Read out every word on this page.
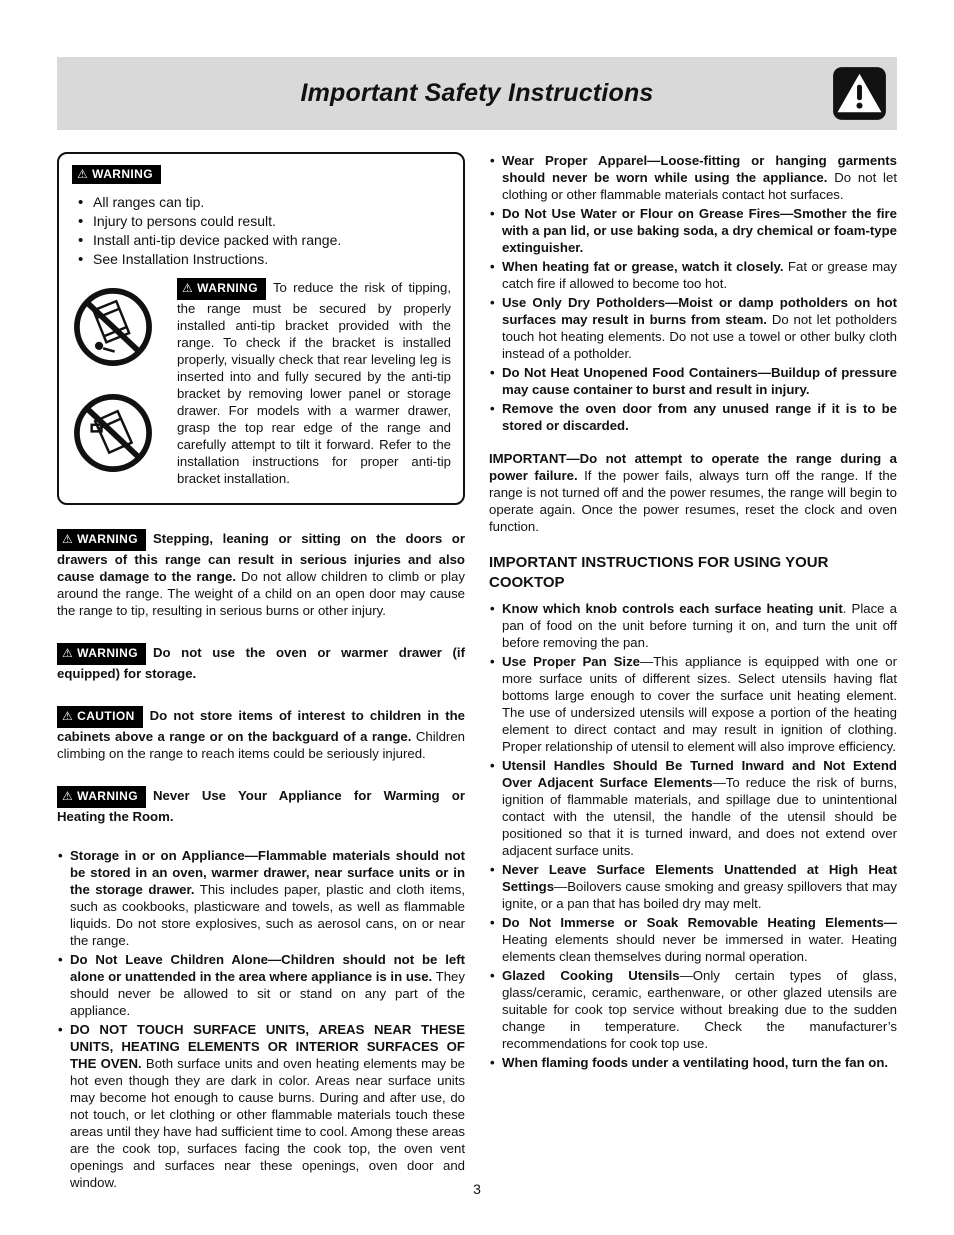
Important Safety Instructions
⚠ WARNING
• All ranges can tip.
• Injury to persons could result.
• Install anti-tip device packed with range.
• See Installation Instructions.
⚠ WARNING To reduce the risk of tipping, the range must be secured by properly installed anti-tip bracket provided with the range. To check if the bracket is installed properly, visually check that rear leveling leg is inserted into and fully secured by the anti-tip bracket by removing lower panel or storage drawer. For models with a warmer drawer, grasp the top rear edge of the range and carefully attempt to tilt it forward. Refer to the installation instructions for proper anti-tip bracket installation.
⚠ WARNING Stepping, leaning or sitting on the doors or drawers of this range can result in serious injuries and also cause damage to the range. Do not allow children to climb or play around the range. The weight of a child on an open door may cause the range to tip, resulting in serious burns or other injury.
⚠ WARNING Do not use the oven or warmer drawer (if equipped) for storage.
⚠ CAUTION Do not store items of interest to children in the cabinets above a range or on the backguard of a range. Children climbing on the range to reach items could be seriously injured.
⚠ WARNING Never Use Your Appliance for Warming or Heating the Room.
• Storage in or on Appliance—Flammable materials should not be stored in an oven, warmer drawer, near surface units or in the storage drawer. This includes paper, plastic and cloth items, such as cookbooks, plasticware and towels, as well as flammable liquids. Do not store explosives, such as aerosol cans, on or near the range.
• Do Not Leave Children Alone—Children should not be left alone or unattended in the area where appliance is in use. They should never be allowed to sit or stand on any part of the appliance.
• DO NOT TOUCH SURFACE UNITS, AREAS NEAR THESE UNITS, HEATING ELEMENTS OR INTERIOR SURFACES OF THE OVEN. Both surface units and oven heating elements may be hot even though they are dark in color. Areas near surface units may become hot enough to cause burns. During and after use, do not touch, or let clothing or other flammable materials touch these areas until they have had sufficient time to cool. Among these areas are the cook top, surfaces facing the cook top, the oven vent openings and surfaces near these openings, oven door and window.
• Wear Proper Apparel—Loose-fitting or hanging garments should never be worn while using the appliance. Do not let clothing or other flammable materials contact hot surfaces.
• Do Not Use Water or Flour on Grease Fires—Smother the fire with a pan lid, or use baking soda, a dry chemical or foam-type extinguisher.
• When heating fat or grease, watch it closely. Fat or grease may catch fire if allowed to become too hot.
• Use Only Dry Potholders—Moist or damp potholders on hot surfaces may result in burns from steam. Do not let potholders touch hot heating elements. Do not use a towel or other bulky cloth instead of a potholder.
• Do Not Heat Unopened Food Containers—Buildup of pressure may cause container to burst and result in injury.
• Remove the oven door from any unused range if it is to be stored or discarded.
IMPORTANT—Do not attempt to operate the range during a power failure. If the power fails, always turn off the range. If the range is not turned off and the power resumes, the range will begin to operate again. Once the power resumes, reset the clock and oven function.
IMPORTANT INSTRUCTIONS FOR USING YOUR COOKTOP
• Know which knob controls each surface heating unit. Place a pan of food on the unit before turning it on, and turn the unit off before removing the pan.
• Use Proper Pan Size—This appliance is equipped with one or more surface units of different sizes. Select utensils having flat bottoms large enough to cover the surface unit heating element. The use of undersized utensils will expose a portion of the heating element to direct contact and may result in ignition of clothing. Proper relationship of utensil to element will also improve efficiency.
• Utensil Handles Should Be Turned Inward and Not Extend Over Adjacent Surface Elements—To reduce the risk of burns, ignition of flammable materials, and spillage due to unintentional contact with the utensil, the handle of the utensil should be positioned so that it is turned inward, and does not extend over adjacent surface units.
• Never Leave Surface Elements Unattended at High Heat Settings—Boilovers cause smoking and greasy spillovers that may ignite, or a pan that has boiled dry may melt.
• Do Not Immerse or Soak Removable Heating Elements—Heating elements should never be immersed in water. Heating elements clean themselves during normal operation.
• Glazed Cooking Utensils—Only certain types of glass, glass/ceramic, ceramic, earthenware, or other glazed utensils are suitable for cook top service without breaking due to the sudden change in temperature. Check the manufacturer’s recommendations for cook top use.
• When flaming foods under a ventilating hood, turn the fan on.
3
